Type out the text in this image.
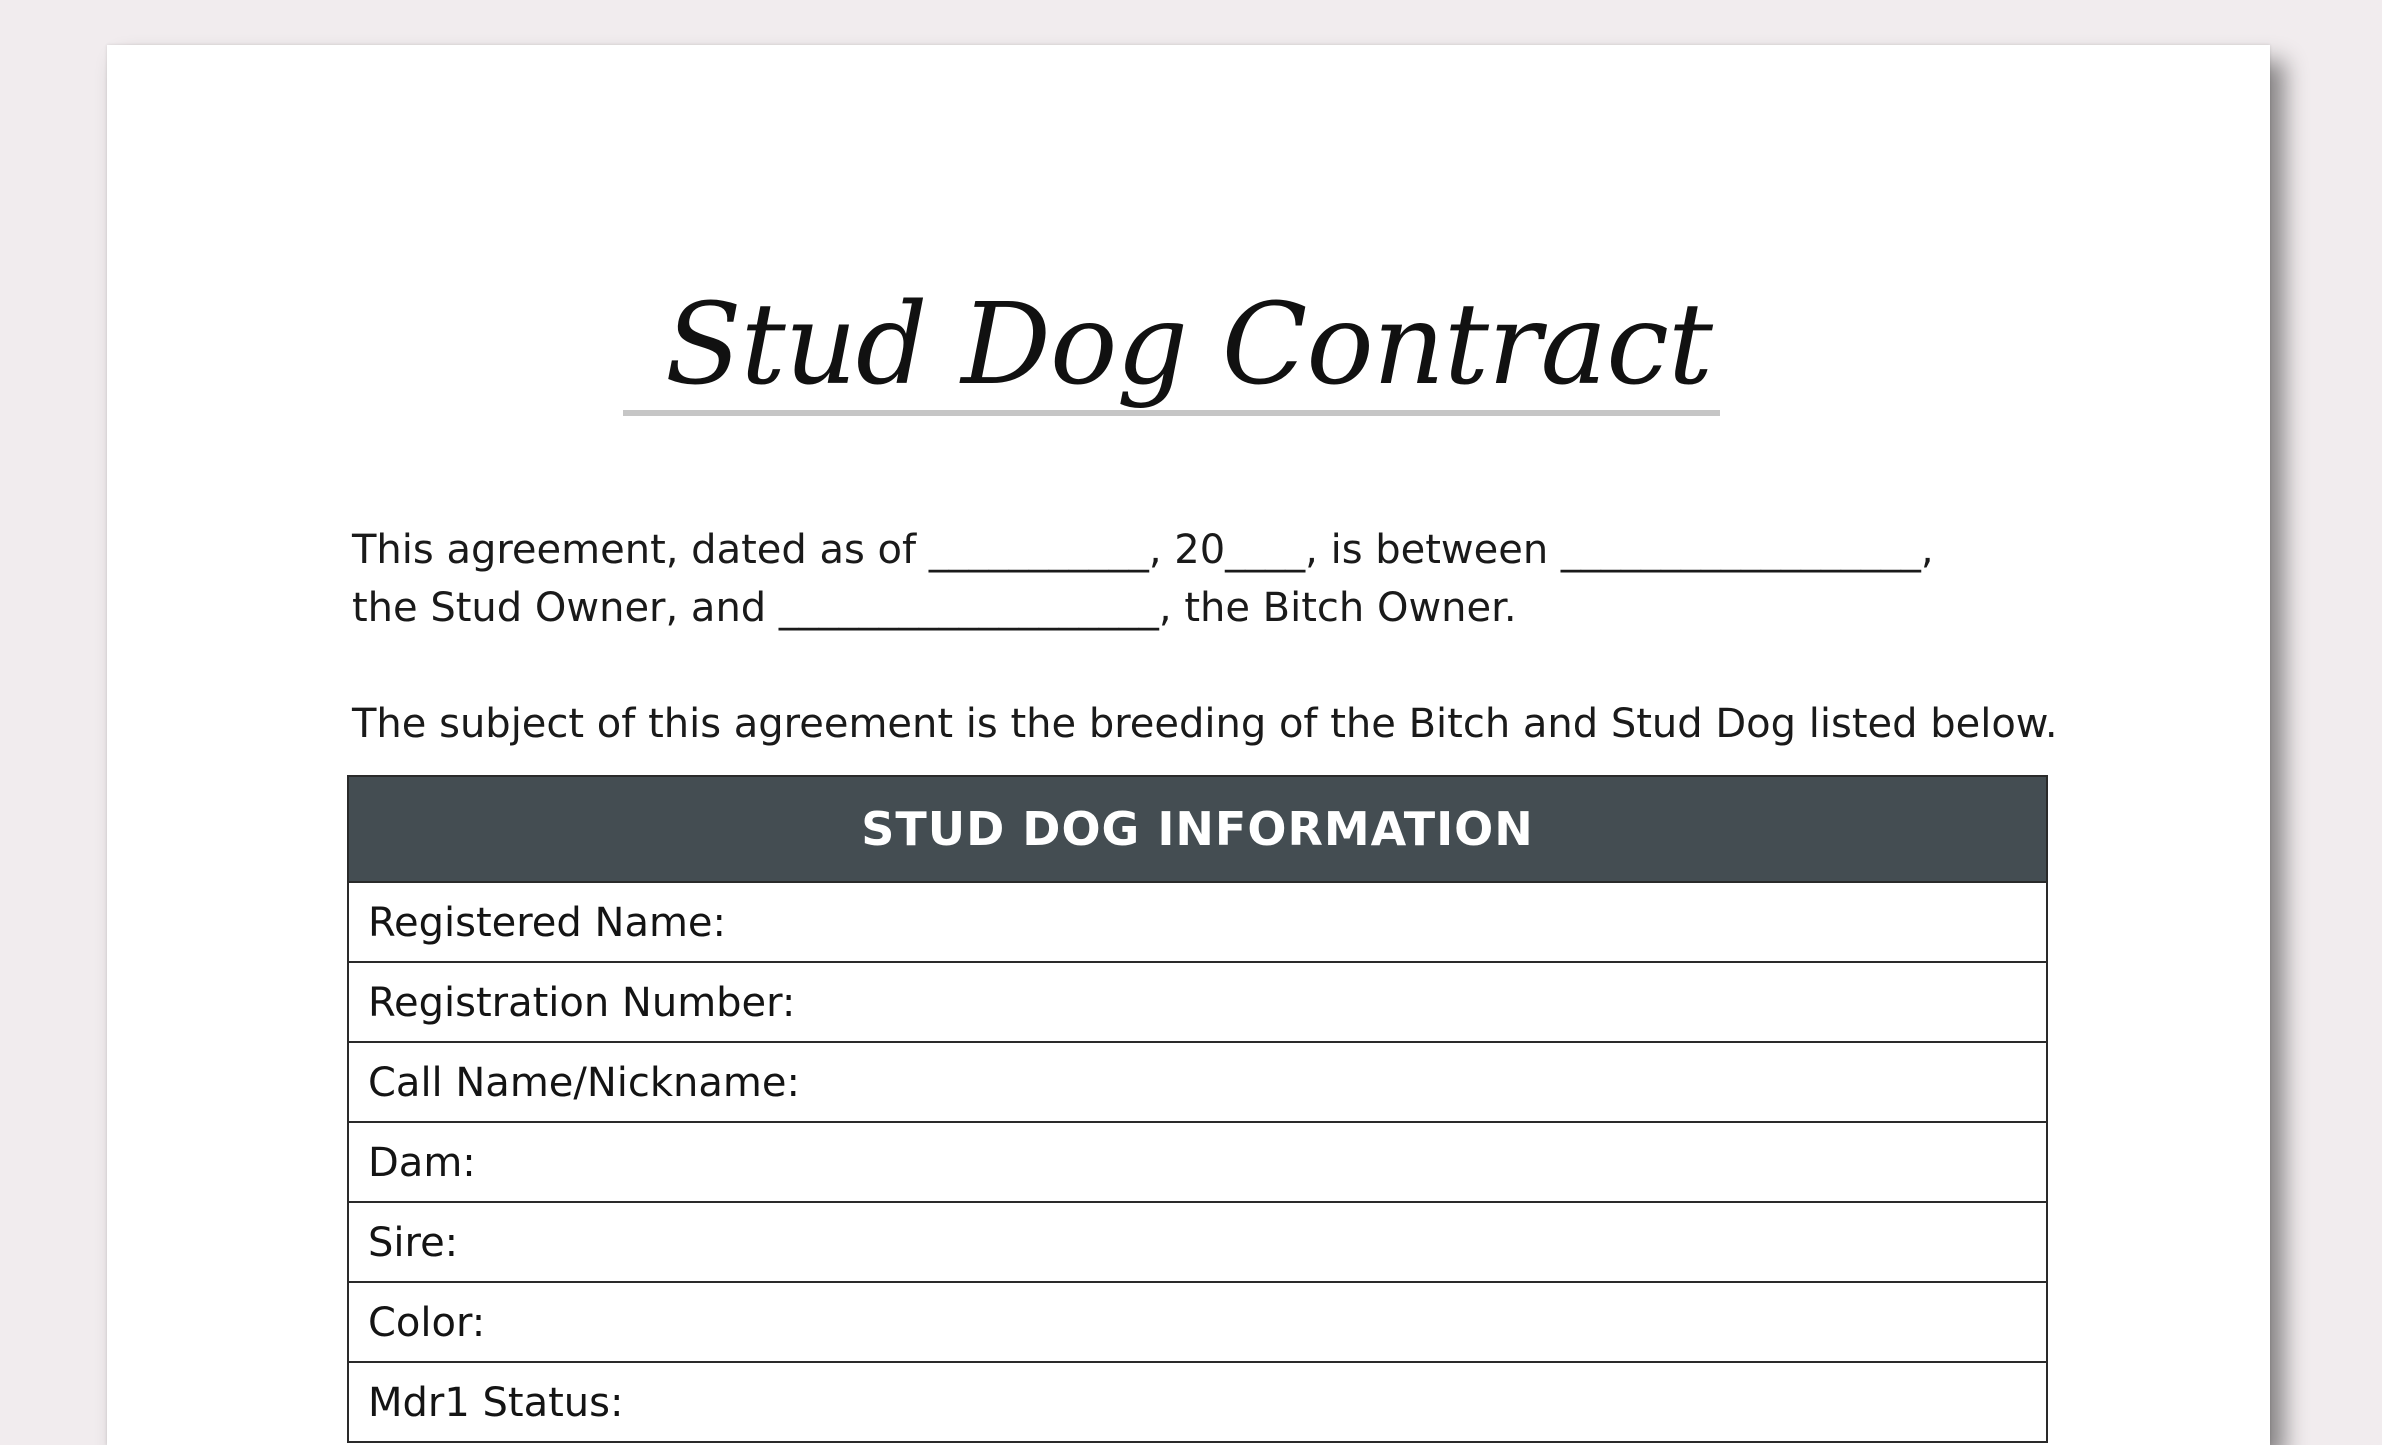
Stud Dog Contract
This agreement, dated as of ___________, 20____, is between __________________,
the Stud Owner, and ___________________, the Bitch Owner.
The subject of this agreement is the breeding of the Bitch and Stud Dog listed below.
STUD DOG INFORMATION
Registered Name:
Registration Number:
Call Name/Nickname:
Dam:
Sire:
Color:
Mdr1 Status:
